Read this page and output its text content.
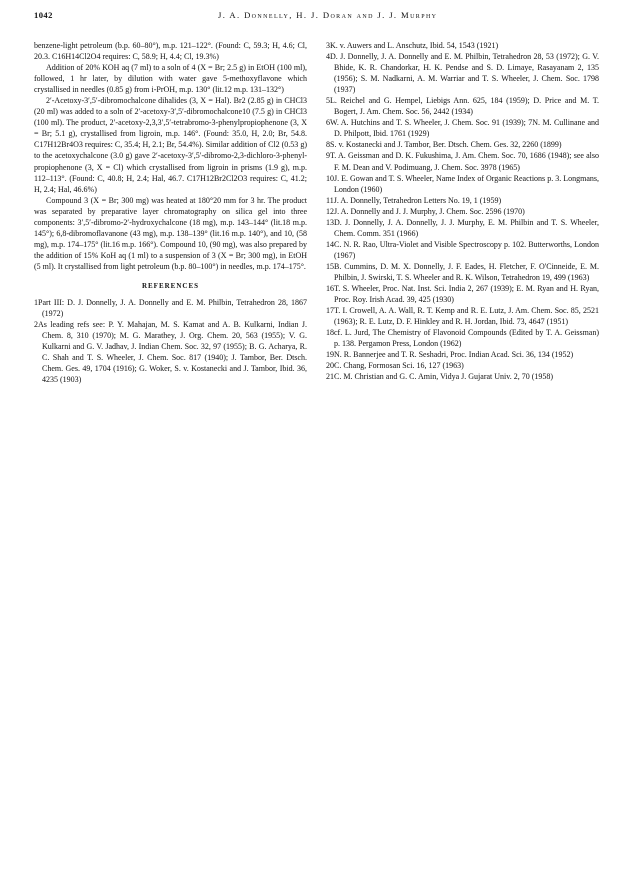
1042	J. A. Donnelly, H. J. Doran and J. J. Murphy

benzene-light petroleum (b.p. 60–80°), m.p. 121–122°. (Found: C, 59.3; H, 4.6; Cl, 20.3. C16H14Cl2O4 requires: C, 58.9; H, 4.4; Cl, 19.3%)

Addition of 20% KOH aq (7 ml) to a soln of 4 (X = Br; 2.5 g) in EtOH (100 ml), followed, 1 hr later, by dilution with water gave 5-methoxyflavone which crystallised in needles (0.85 g) from i-PrOH, m.p. 130° (lit.12 m.p. 131–132°)

2′-Acetoxy-3′,5′-dibromochalcone dihalides (3, X = Hal). Br2 (2.85 g) in CHCl3 (20 ml) was added to a soln of 2′-acetoxy-3′,5′-dibromochalcone10 (7.5 g) in CHCl3 (100 ml). The product, 2′-acetoxy-2,3,3′,5′-tetrabromo-3-phenylpropiophenone (3, X = Br; 5.1 g), crystallised from ligroin, m.p. 146°. (Found: 35.0, H, 2.0; Br, 54.8. C17H12Br4O3 requires: C, 35.4; H, 2.1; Br, 54.4%). Similar addition of Cl2 (0.53 g) to the acetoxychalcone (3.0 g) gave 2′-acetoxy-3′,5′-dibromo-2,3-dichloro-3-phenyl-propiophenone (3, X = Cl) which crystallised from ligroin in prisms (1.9 g), m.p. 112–113°. (Found: C, 40.8; H, 2.4; Hal, 46.7. C17H12Br2Cl2O3 requires: C, 41.2; H, 2.4; Hal, 46.6%)

Compound 3 (X = Br; 300 mg) was heated at 180°20 mm for 3 hr. The product was separated by preparative layer chromatography on silica gel into three components: 3′,5′-dibromo-2′-hydroxychalcone (18 mg), m.p. 143–144° (lit.18 m.p. 145°); 6,8-dibromoflavanone (43 mg), m.p. 138–139° (lit.16 m.p. 140°), and 10, (58 mg), m.p. 174–175° (lit.16 m.p. 166°). Compound 10, (90 mg), was also prepared by the addition of 15% KoH aq (1 ml) to a suspension of 3 (X = Br; 300 mg), in EtOH (5 ml). It crystallised from light petroleum (b.p. 80–100°) in needles, m.p. 174–175°.

REFERENCES

1Part III: D. J. Donnelly, J. A. Donnelly and E. M. Philbin, Tetrahedron 28, 1867 (1972)

2As leading refs see: P. Y. Mahajan, M. S. Kamat and A. B. Kulkarni, Indian J. Chem. 8, 310 (1970); M. G. Marathey, J. Org. Chem. 20, 563 (1955); V. G. Kulkarni and G. V. Jadhav, J. Indian Chem. Soc. 32, 97 (1955); B. G. Acharya, R. C. Shah and T. S. Wheeler, J. Chem. Soc. 817 (1940); J. Tambor, Ber. Dtsch. Chem. Ges. 49, 1704 (1916); G. Woker, S. v. Kostanecki and J. Tambor, Ibid. 36, 4235 (1903)

3K. v. Auwers and L. Anschutz, Ibid. 54, 1543 (1921)

4D. J. Donnelly, J. A. Donnelly and E. M. Philbin, Tetrahedron 28, 53 (1972); G. V. Bhide, K. R. Chandorkar, H. K. Pendse and S. D. Limaye, Rasayanam 2, 135 (1956); S. M. Nadkarni, A. M. Warriar and T. S. Wheeler, J. Chem. Soc. 1798 (1937)

5L. Reichel and G. Hempel, Liebigs Ann. 625, 184 (1959); D. Price and M. T. Bogert, J. Am. Chem. Soc. 56, 2442 (1934)

6W. A. Hutchins and T. S. Wheeler, J. Chem. Soc. 91 (1939); 7N. M. Cullinane and D. Philpott, Ibid. 1761 (1929)

8S. v. Kostanecki and J. Tambor, Ber. Dtsch. Chem. Ges. 32, 2260 (1899)

9T. A. Geissman and D. K. Fukushima, J. Am. Chem. Soc. 70, 1686 (1948); see also F. M. Dean and V. Podimuang, J. Chem. Soc. 3978 (1965)

10J. E. Gowan and T. S. Wheeler, Name Index of Organic Reactions p. 3. Longmans, London (1960)

11J. A. Donnelly, Tetrahedron Letters No. 19, 1 (1959)

12J. A. Donnelly and J. J. Murphy, J. Chem. Soc. 2596 (1970)

13D. J. Donnelly, J. A. Donnelly, J. J. Murphy, E. M. Philbin and T. S. Wheeler, Chem. Comm. 351 (1966)

14C. N. R. Rao, Ultra-Violet and Visible Spectroscopy p. 102. Butterworths, London (1967)

15B. Cummins, D. M. X. Donnelly, J. F. Eades, H. Fletcher, F. O'Cinneide, E. M. Philbin, J. Swirski, T. S. Wheeler and R. K. Wilson, Tetrahedron 19, 499 (1963)

16T. S. Wheeler, Proc. Nat. Inst. Sci. India 2, 267 (1939); E. M. Ryan and H. Ryan, Proc. Roy. Irish Acad. 39, 425 (1930)

17T. I. Crowell, A. A. Wall, R. T. Kemp and R. E. Lutz, J. Am. Chem. Soc. 85, 2521 (1963); R. E. Lutz, D. F. Hinkley and R. H. Jordan, Ibid. 73, 4647 (1951)

18cf. L. Jurd, The Chemistry of Flavonoid Compounds (Edited by T. A. Geissman) p. 138. Pergamon Press, London (1962)

19N. R. Bannerjee and T. R. Seshadri, Proc. Indian Acad. Sci. 36, 134 (1952)

20C. Chang, Formosan Sci. 16, 127 (1963)

21C. M. Christian and G. C. Amin, Vidya J. Gujarat Univ. 2, 70 (1958)
